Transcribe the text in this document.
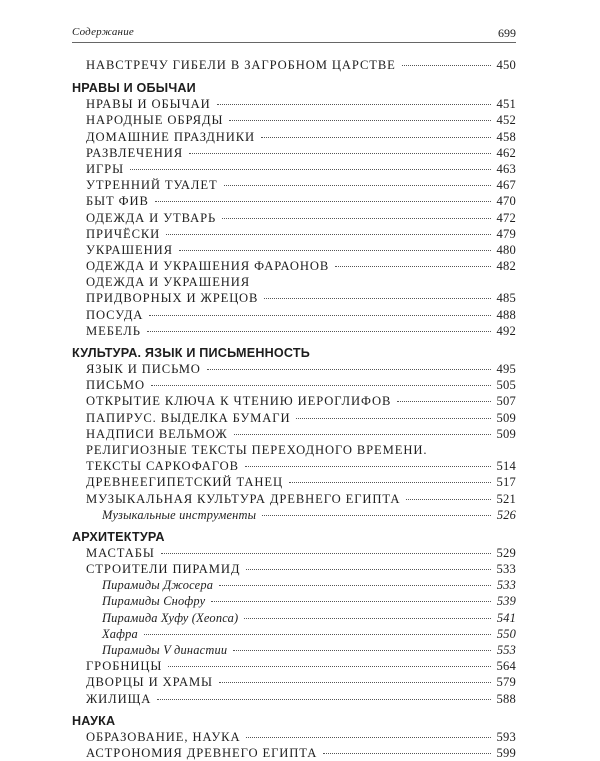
Содержание	699
НАВСТРЕЧУ ГИБЕЛИ В ЗАГРОБНОМ ЦАРСТВЕ	450
НРАВЫ И ОБЫЧАИ
НРАВЫ И ОБЫЧАИ	451
НАРОДНЫЕ ОБРЯДЫ	452
ДОМАШНИЕ ПРАЗДНИКИ	458
РАЗВЛЕЧЕНИЯ	462
ИГРЫ	463
УТРЕННИЙ ТУАЛЕТ	467
БЫТ ФИВ	470
ОДЕЖДА И УТВАРЬ	472
ПРИЧЁСКИ	479
УКРАШЕНИЯ	480
ОДЕЖДА И УКРАШЕНИЯ ФАРАОНОВ	482
ОДЕЖДА И УКРАШЕНИЯ
ПРИДВОРНЫХ И ЖРЕЦОВ	485
ПОСУДА	488
МЕБЕЛЬ	492
КУЛЬТУРА. ЯЗЫК И ПИСЬМЕННОСТЬ
ЯЗЫК И ПИСЬМО	495
ПИСЬМО	505
ОТКРЫТИЕ КЛЮЧА К ЧТЕНИЮ ИЕРОГЛИФОВ	507
ПАПИРУС. ВЫДЕЛКА БУМАГИ	509
НАДПИСИ ВЕЛЬМОЖ	509
РЕЛИГИОЗНЫЕ ТЕКСТЫ ПЕРЕХОДНОГО ВРЕМЕНИ.
ТЕКСТЫ САРКОФАГОВ	514
ДРЕВНЕЕГИПЕТСКИЙ ТАНЕЦ	517
МУЗЫКАЛЬНАЯ КУЛЬТУРА ДРЕВНЕГО ЕГИПТА	521
Музыкальные инструменты	526
АРХИТЕКТУРА
МАСТАБЫ	529
СТРОИТЕЛИ ПИРАМИД	533
Пирамиды Джосера	533
Пирамиды Снофру	539
Пирамида Хуфу (Хеопса)	541
Хафра	550
Пирамиды V династии	553
ГРОБНИЦЫ	564
ДВОРЦЫ И ХРАМЫ	579
ЖИЛИЩА	588
НАУКА
ОБРАЗОВАНИЕ, НАУКА	593
АСТРОНОМИЯ ДРЕВНЕГО ЕГИПТА	599
